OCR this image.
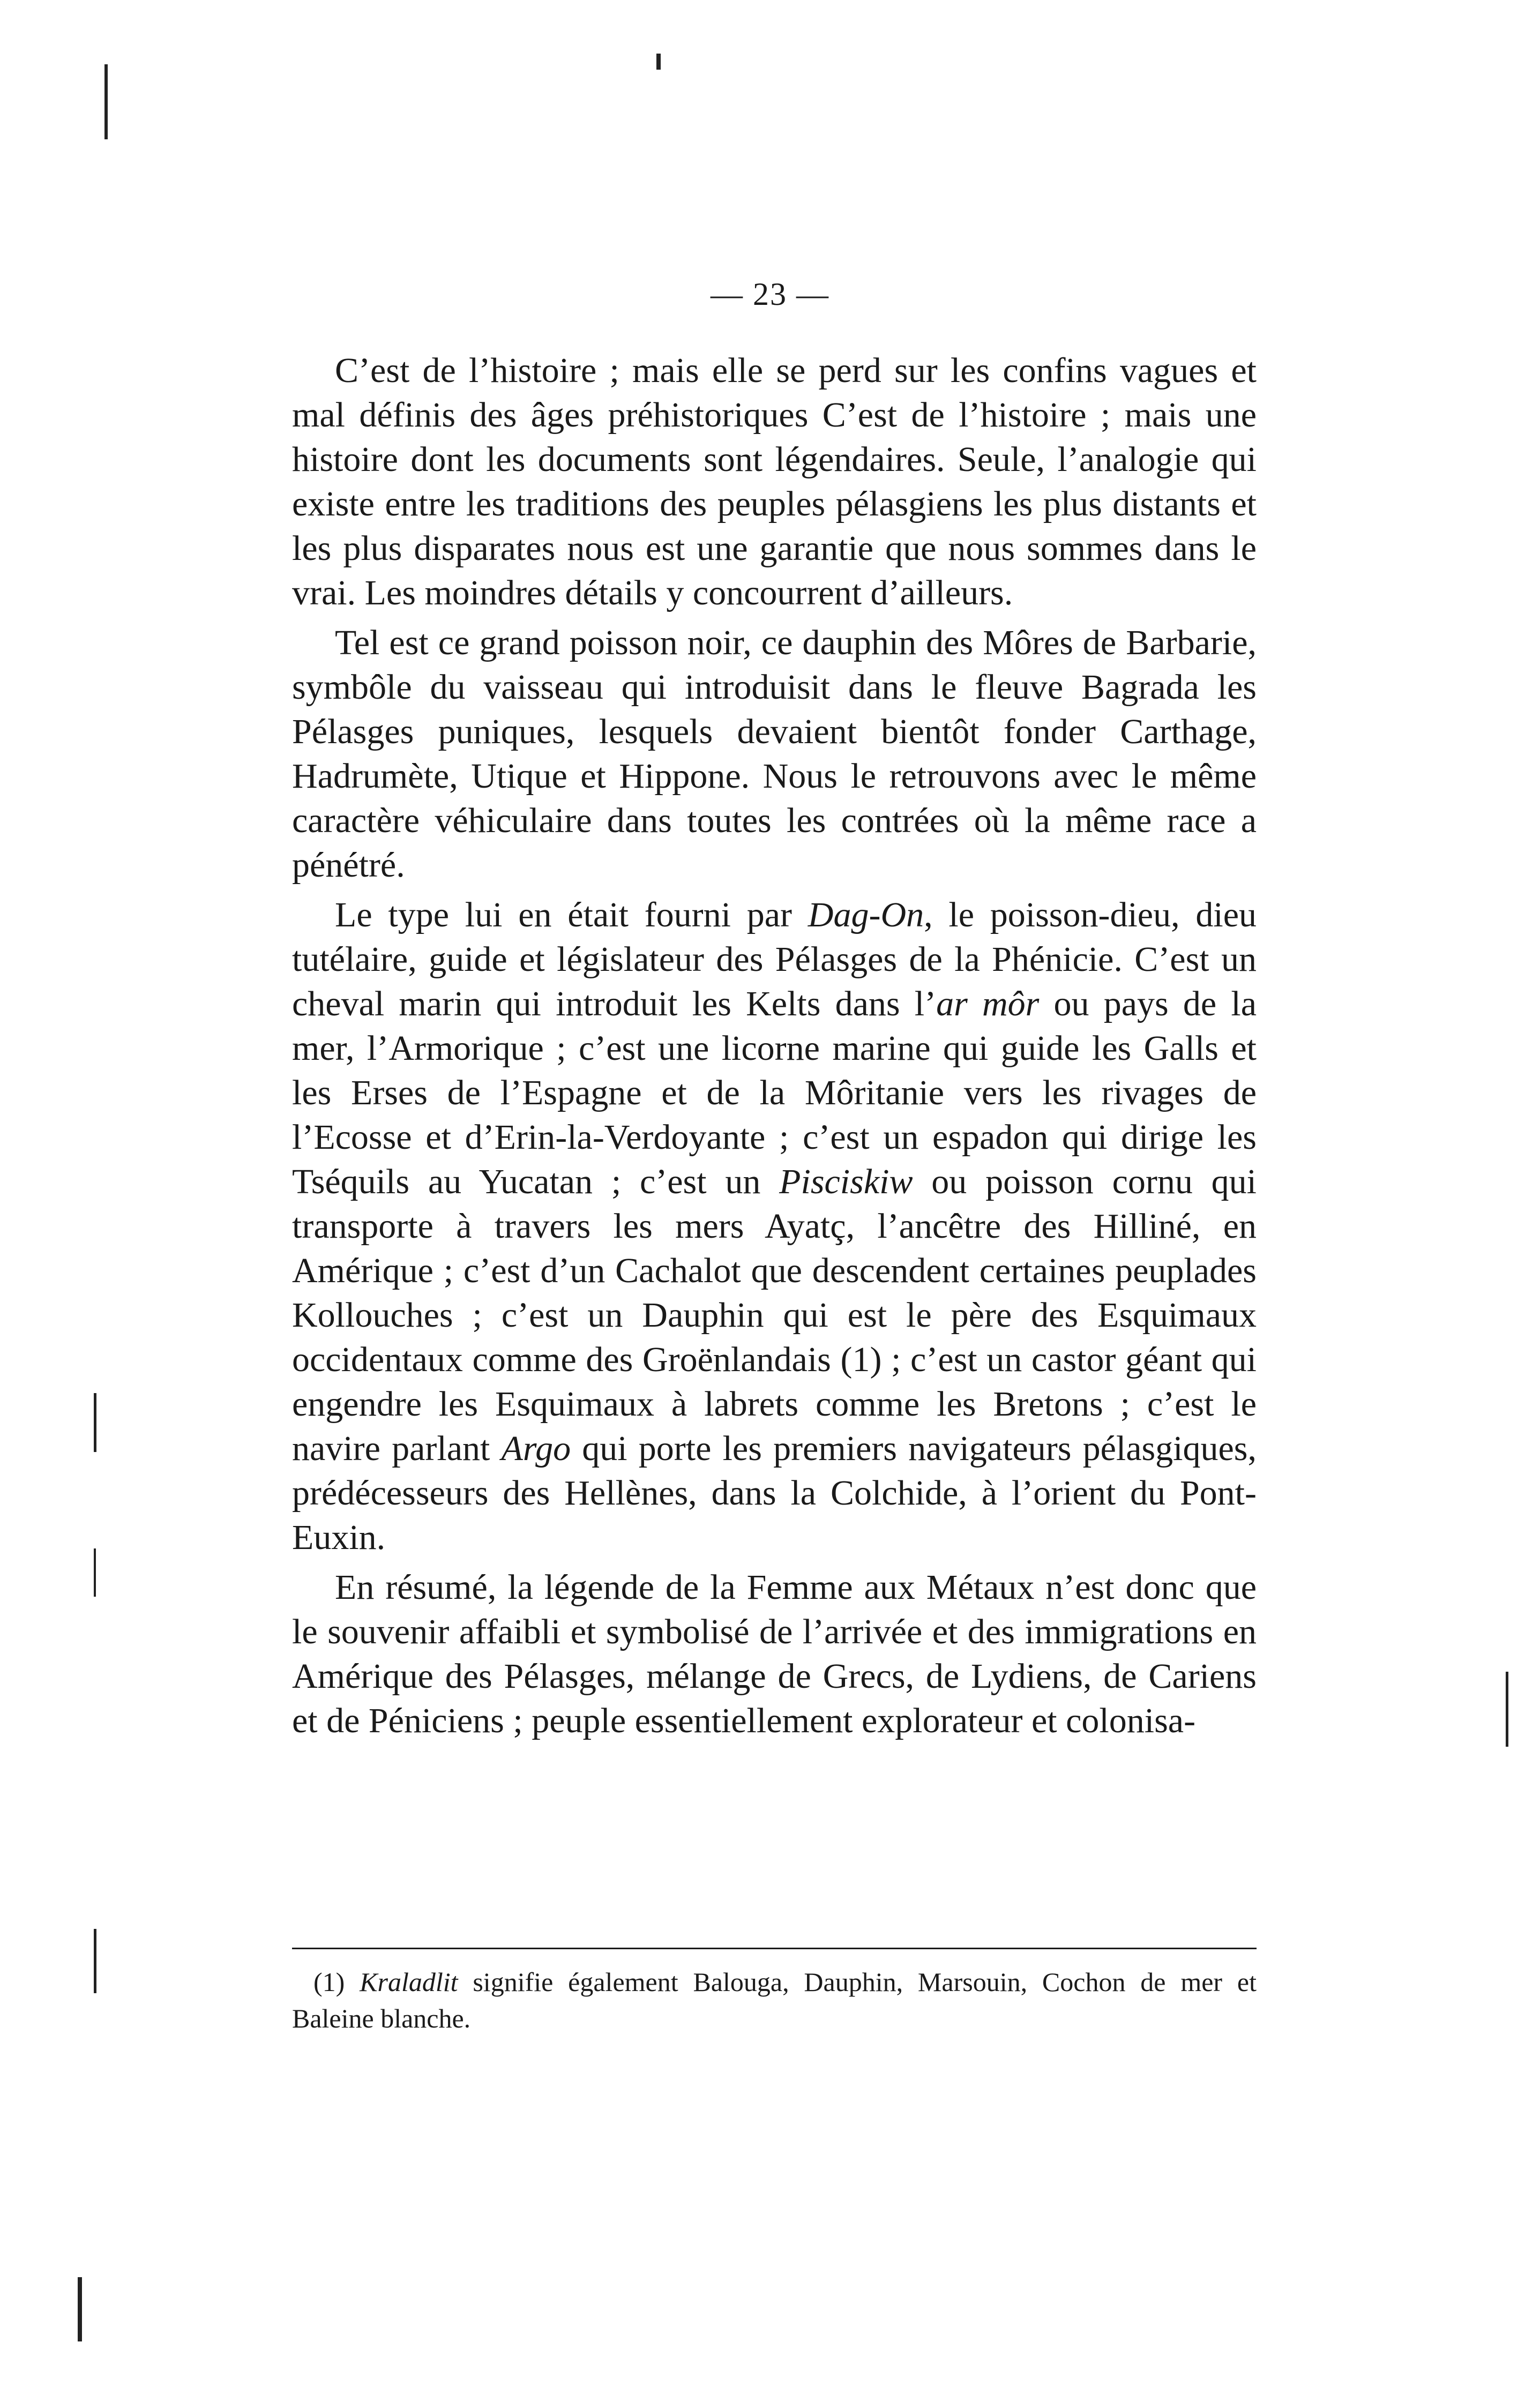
— 23 —

C’est de l’histoire ; mais elle se perd sur les confins vagues et mal définis des âges préhistoriques C’est de l’histoire ; mais une histoire dont les documents sont légendaires. Seule, l’analogie qui existe entre les traditions des peuples pélasgiens les plus distants et les plus disparates nous est une garantie que nous sommes dans le vrai. Les moindres détails y concourrent d’ailleurs.

Tel est ce grand poisson noir, ce dauphin des Môres de Barbarie, symbôle du vaisseau qui introduisit dans le fleuve Bagrada les Pélasges puniques, lesquels devaient bientôt fonder Carthage, Hadrumète, Utique et Hippone. Nous le retrouvons avec le même caractère véhiculaire dans toutes les contrées où la même race a pénétré.

Le type lui en était fourni par Dag-On, le poisson-dieu, dieu tutélaire, guide et législateur des Pélasges de la Phénicie. C’est un cheval marin qui introduit les Kelts dans l’ar môr ou pays de la mer, l’Armorique ; c’est une licorne marine qui guide les Galls et les Erses de l’Espagne et de la Môritanie vers les rivages de l’Ecosse et d’Erin-la-Verdoyante ; c’est un espadon qui dirige les Tséquils au Yucatan ; c’est un Pisciskiw ou poisson cornu qui transporte à travers les mers Ayatç, l’ancêtre des Hilliné, en Amérique ; c’est d’un Cachalot que descendent certaines peuplades Kollouches ; c’est un Dauphin qui est le père des Esquimaux occidentaux comme des Groënlandais (1) ; c’est un castor géant qui engendre les Esquimaux à labrets comme les Bretons ; c’est le navire parlant Argo qui porte les premiers navigateurs pélasgiques, prédécesseurs des Hellènes, dans la Colchide, à l’orient du Pont-Euxin.

En résumé, la légende de la Femme aux Métaux n’est donc que le souvenir affaibli et symbolisé de l’arrivée et des immigrations en Amérique des Pélasges, mélange de Grecs, de Lydiens, de Cariens et de Péniciens ; peuple essentiellement explorateur et colonisa-

(1) Kraladlit signifie également Balouga, Dauphin, Marsouin, Cochon de mer et Baleine blanche.
